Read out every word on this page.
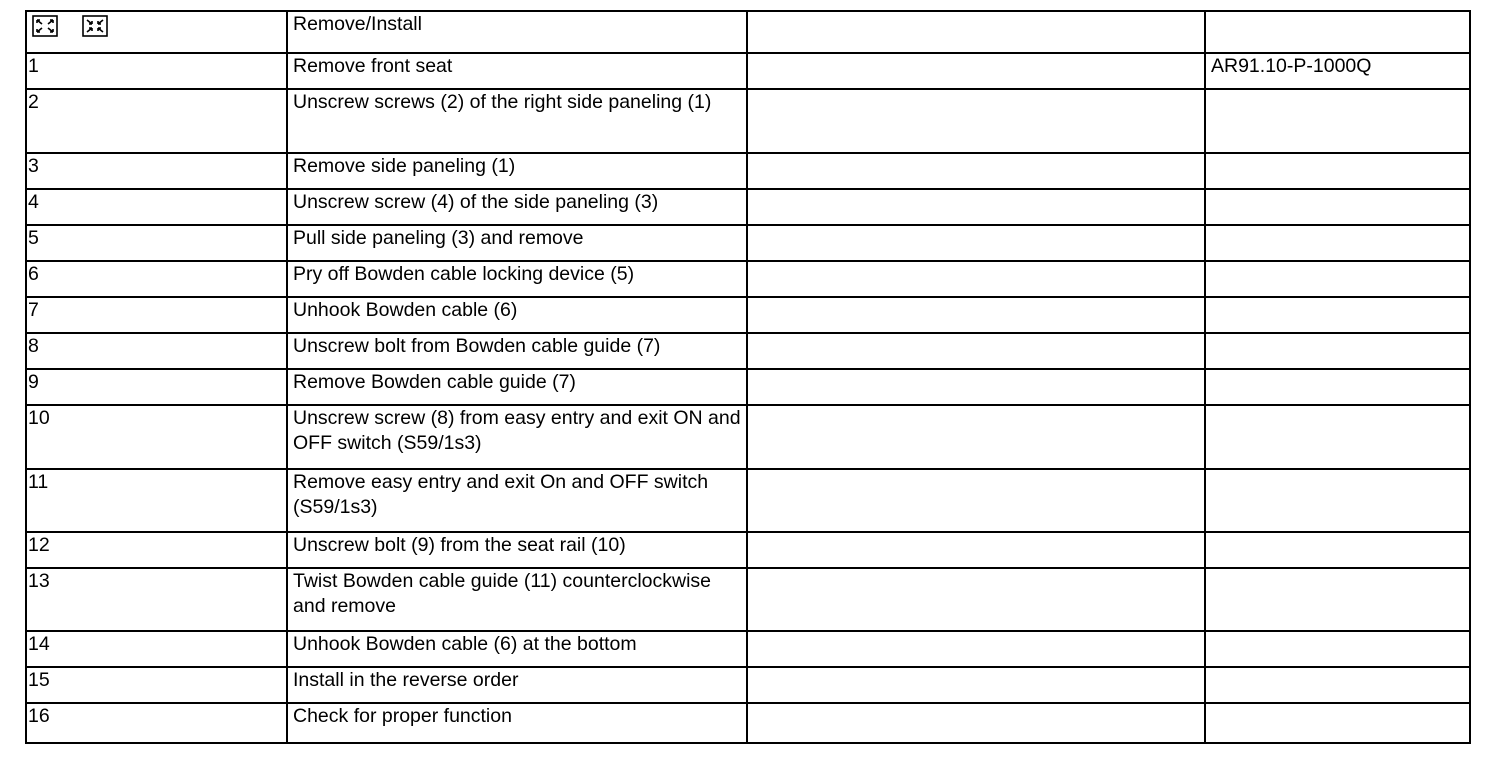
	Remove/Install		
1	Remove front seat		AR91.10-P-1000Q
2	Unscrew screws (2) of the right side paneling (1)		
3	Remove side paneling (1)		
4	Unscrew screw (4) of the side paneling (3)		
5	Pull side paneling (3) and remove		
6	Pry off Bowden cable locking device (5)		
7	Unhook Bowden cable (6)		
8	Unscrew bolt from Bowden cable guide (7)		
9	Remove Bowden cable guide (7)		
10	Unscrew screw (8) from easy entry and exit ON and OFF switch (S59/1s3)		
11	Remove easy entry and exit On and OFF switch (S59/1s3)		
12	Unscrew bolt (9) from the seat rail (10)		
13	Twist Bowden cable guide (11) counterclockwise and remove		
14	Unhook Bowden cable (6) at the bottom		
15	Install in the reverse order		
16	Check for proper function		
